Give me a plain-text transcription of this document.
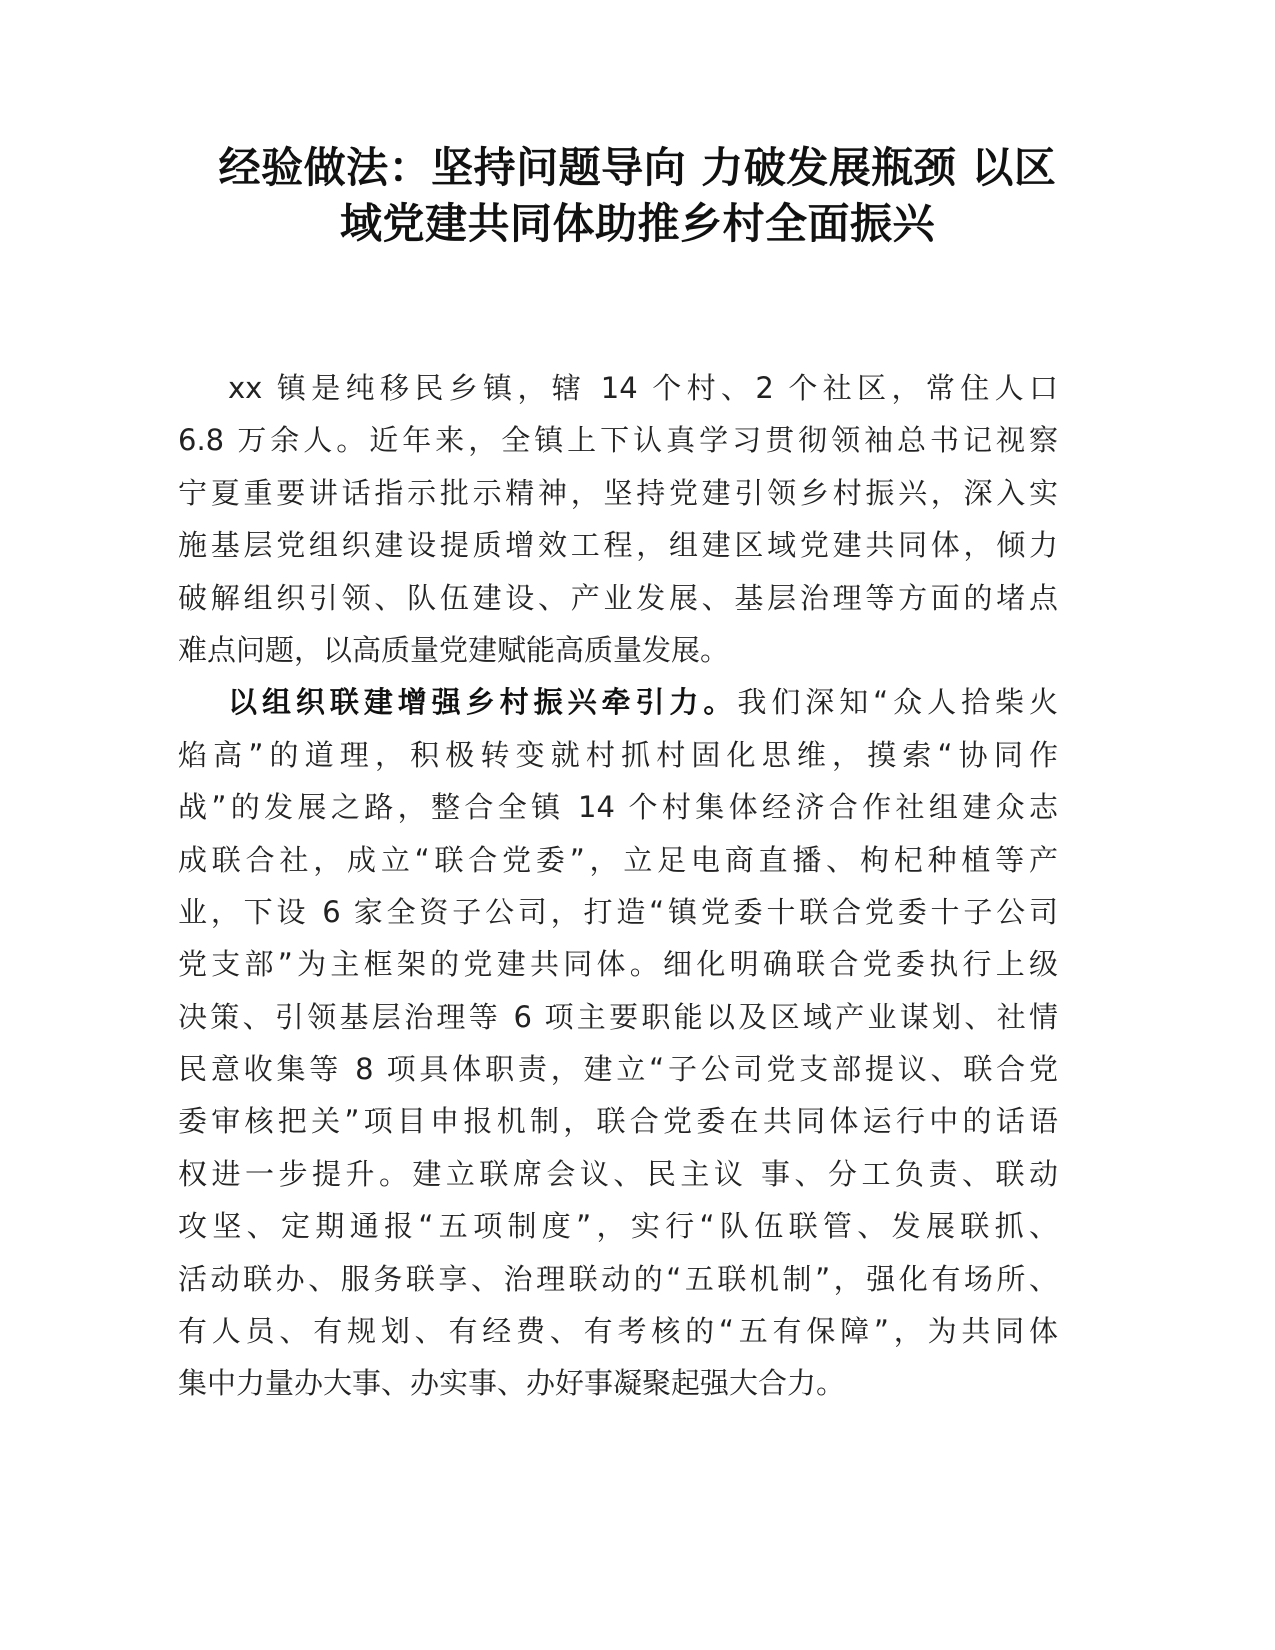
经验做法：坚持问题导向 力破发展瓶颈 以区
域党建共同体助推乡村全面振兴
xx 镇是纯移民乡镇，辖 14 个村、2 个社区，常住人口
6.8 万余人。近年来，全镇上下认真学习贯彻领袖总书记视察
宁夏重要讲话指示批示精神，坚持党建引领乡村振兴，深入实
施基层党组织建设提质增效工程，组建区域党建共同体，倾力
破解组织引领、队伍建设、产业发展、基层治理等方面的堵点
难点问题，以高质量党建赋能高质量发展。
以组织联建增强乡村振兴牵引力。我们深知“众人拾柴火
焰高”的道理，积极转变就村抓村固化思维，摸索“协同作
战”的发展之路，整合全镇 14 个村集体经济合作社组建众志
成联合社，成立“联合党委”，立足电商直播、枸杞种植等产
业，下设 6 家全资子公司，打造“镇党委十联合党委十子公司
党支部”为主框架的党建共同体。细化明确联合党委执行上级
决策、引领基层治理等 6 项主要职能以及区域产业谋划、社情
民意收集等 8 项具体职责，建立“子公司党支部提议、联合党
委审核把关”项目申报机制，联合党委在共同体运行中的话语
权进一步提升。建立联席会议、民主议 事、分工负责、联动
攻坚、定期通报“五项制度”，实行“队伍联管、发展联抓、
活动联办、服务联享、治理联动的“五联机制”，强化有场所、
有人员、有规划、有经费、有考核的“五有保障”，为共同体
集中力量办大事、办实事、办好事凝聚起强大合力。
